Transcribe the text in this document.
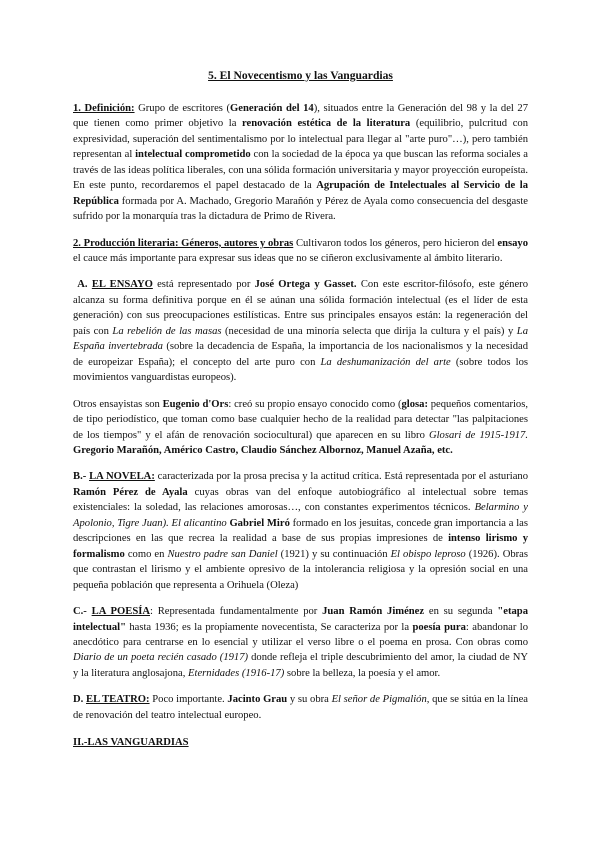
5. El Novecentismo y las Vanguardias

1. Definición: Grupo de escritores (Generación del 14), situados entre la Generación del 98 y la del 27 que tienen como primer objetivo la renovación estética de la literatura (equilibrio, pulcritud con expresividad, superación del sentimentalismo por lo intelectual para llegar al "arte puro"…), pero también representan al intelectual comprometido con la sociedad de la época ya que buscan las reforma sociales a través de las ideas política liberales, con una sólida formación universitaria y mayor proyección europeísta. En este punto, recordaremos el papel destacado de la Agrupación de Intelectuales al Servicio de la República formada por A. Machado, Gregorio Marañón y Pérez de Ayala como consecuencia del desgaste sufrido por la monarquía tras la dictadura de Primo de Rivera.

2. Producción literaria: Géneros, autores y obras Cultivaron todos los géneros, pero hicieron del ensayo el cauce más importante para expresar sus ideas que no se ciñeron exclusivamente al ámbito literario.

A. EL ENSAYO está representado por José Ortega y Gasset. Con este escritor-filósofo, este género alcanza su forma definitiva porque en él se aúnan una sólida formación intelectual (es el líder de esta generación) con sus preocupaciones estilísticas. Entre sus principales ensayos están: la regeneración del país con La rebelión de las masas (necesidad de una minoría selecta que dirija la cultura y el país) y La España invertebrada (sobre la decadencia de España, la importancia de los nacionalismos y la necesidad de europeizar España); el concepto del arte puro con La deshumanización del arte (sobre todos los movimientos vanguardistas europeos).

Otros ensayistas son Eugenio d'Ors: creó su propio ensayo conocido como (glosa: pequeños comentarios, de tipo periodístico, que toman como base cualquier hecho de la realidad para detectar "las palpitaciones de los tiempos" y el afán de renovación sociocultural) que aparecen en su libro Glosari de 1915-1917. Gregorio Marañón, Américo Castro, Claudio Sánchez Albornoz, Manuel Azaña, etc.

B.- LA NOVELA: caracterizada por la prosa precisa y la actitud crítica. Está representada por el asturiano Ramón Pérez de Ayala cuyas obras van del enfoque autobiográfico al intelectual sobre temas existenciales: la soledad, las relaciones amorosas…, con constantes experimentos técnicos. Belarmino y Apolonio, Tigre Juan). El alicantino Gabriel Miró formado en los jesuitas, concede gran importancia a las descripciones en las que recrea la realidad a base de sus propias impresiones de intenso lirismo y formalismo como en Nuestro padre san Daniel (1921) y su continuación El obispo leproso (1926). Obras que contrastan el lirismo y el ambiente opresivo de la intolerancia religiosa y la opresión social en una pequeña población que representa a Orihuela (Oleza)

C.- LA POESÍA: Representada fundamentalmente por Juan Ramón Jiménez en su segunda "etapa intelectual" hasta 1936; es la propiamente novecentista, Se caracteriza por la poesía pura: abandonar lo anecdótico para centrarse en lo esencial y utilizar el verso libre o el poema en prosa. Con obras como Diario de un poeta recién casado (1917) donde refleja el triple descubrimiento del amor, la ciudad de NY y la literatura anglosajona, Eternidades (1916-17) sobre la belleza, la poesía y el amor.

D. EL TEATRO: Poco importante. Jacinto Grau y su obra El señor de Pigmalión, que se sitúa en la línea de renovación del teatro intelectual europeo.

II.-LAS VANGUARDIAS
